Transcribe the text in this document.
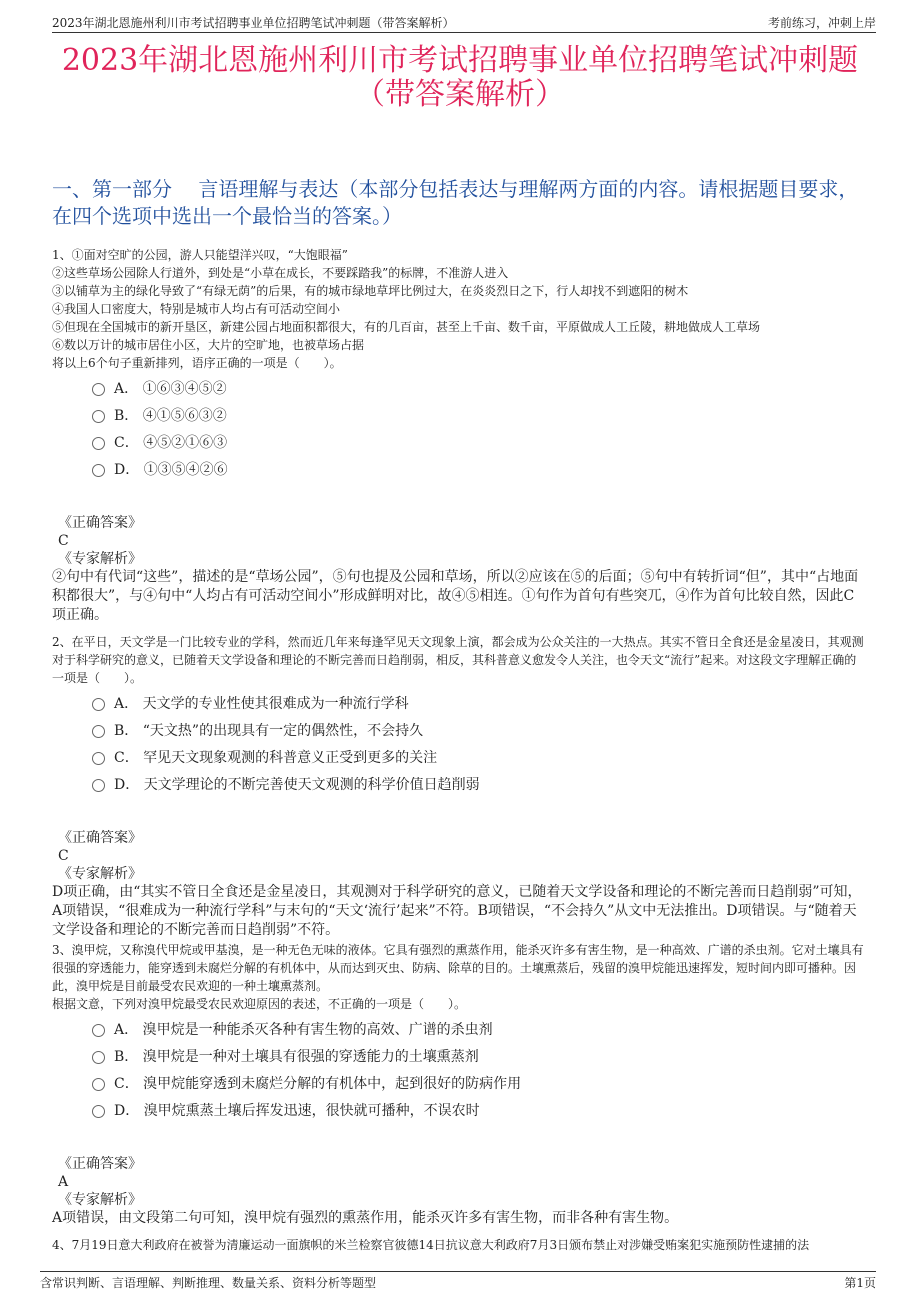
2023年湖北恩施州利川市考试招聘事业单位招聘笔试冲刺题（带答案解析）	考前练习，冲刺上岸
2023年湖北恩施州利川市考试招聘事业单位招聘笔试冲刺题
（带答案解析）
一、第一部分　 言语理解与表达（本部分包括表达与理解两方面的内容。请根据题目要求，在四个选项中选出一个最恰当的答案。）

1、①面对空旷的公园，游人只能望洋兴叹，“大饱眼福”

②这些草场公园除人行道外，到处是“小草在成长，不要踩踏我”的标牌，不准游人进入

③以铺草为主的绿化导致了“有绿无荫”的后果，有的城市绿地草坪比例过大，在炎炎烈日之下，行人却找不到遮阳的树木

④我国人口密度大，特别是城市人均占有可活动空间小

⑤但现在全国城市的新开垦区，新建公园占地面积都很大，有的几百亩，甚至上千亩、数千亩，平原做成人工丘陵，耕地做成人工草场

⑥数以万计的城市居住小区，大片的空旷地，也被草场占据

将以上6个句子重新排列，语序正确的一项是（　　）。

A． ①⑥③④⑤②
B． ④①⑤⑥③②
C． ④⑤②①⑥③
D． ①③⑤④②⑥
《正确答案》
C
《专家解析》
②句中有代词“这些”，描述的是“草场公园”，⑤句也提及公园和草场，所以②应该在⑤的后面；⑤句中有转折词“但”，其中“占地面积都很大”，与④句中“人均占有可活动空间小”形成鲜明对比，故④⑤相连。①句作为首句有些突兀，④作为首句比较自然，因此C项正确。

2、在平日，天文学是一门比较专业的学科，然而近几年来每逢罕见天文现象上演，都会成为公众关注的一大热点。其实不管日全食还是金星凌日，其观测对于科学研究的意义，已随着天文学设备和理论的不断完善而日趋削弱，相反，其科普意义愈发令人关注，也令天文“流行”起来。对这段文字理解正确的一项是（　　）。

A． 天文学的专业性使其很难成为一种流行学科
B． “天文热”的出现具有一定的偶然性，不会持久
C． 罕见天文现象观测的科普意义正受到更多的关注
D． 天文学理论的不断完善使天文观测的科学价值日趋削弱
《正确答案》
C
《专家解析》
D项正确，由“其实不管日全食还是金星凌日，其观测对于科学研究的意义，已随着天文学设备和理论的不断完善而日趋削弱”可知，A项错误，“很难成为一种流行学科”与末句的“天文‘流行’起来”不符。B项错误，“不会持久”从文中无法推出。D项错误。与“随着天文学设备和理论的不断完善而日趋削弱”不符。

3、溴甲烷，又称溴代甲烷或甲基溴，是一种无色无味的液体。它具有强烈的熏蒸作用，能杀灭许多有害生物，是一种高效、广谱的杀虫剂。它对土壤具有很强的穿透能力，能穿透到未腐烂分解的有机体中，从而达到灭虫、防病、除草的目的。土壤熏蒸后，残留的溴甲烷能迅速挥发，短时间内即可播种。因此，溴甲烷是目前最受农民欢迎的一种土壤熏蒸剂。

根据文意，下列对溴甲烷最受农民欢迎原因的表述，不正确的一项是（　　）。

A． 溴甲烷是一种能杀灭各种有害生物的高效、广谱的杀虫剂
B． 溴甲烷是一种对土壤具有很强的穿透能力的土壤熏蒸剂
C． 溴甲烷能穿透到未腐烂分解的有机体中，起到很好的防病作用
D． 溴甲烷熏蒸土壤后挥发迅速，很快就可播种，不误农时
《正确答案》
A
《专家解析》
A项错误，由文段第二句可知，溴甲烷有强烈的熏蒸作用，能杀灭许多有害生物，而非各种有害生物。

4、7月19日意大利政府在被誉为清廉运动一面旗帜的米兰检察官彼德14日抗议意大利政府7月3日颁布禁止对涉嫌受贿案犯实施预防性逮捕的法

含常识判断、言语理解、判断推理、数量关系、资料分析等题型	第1页
